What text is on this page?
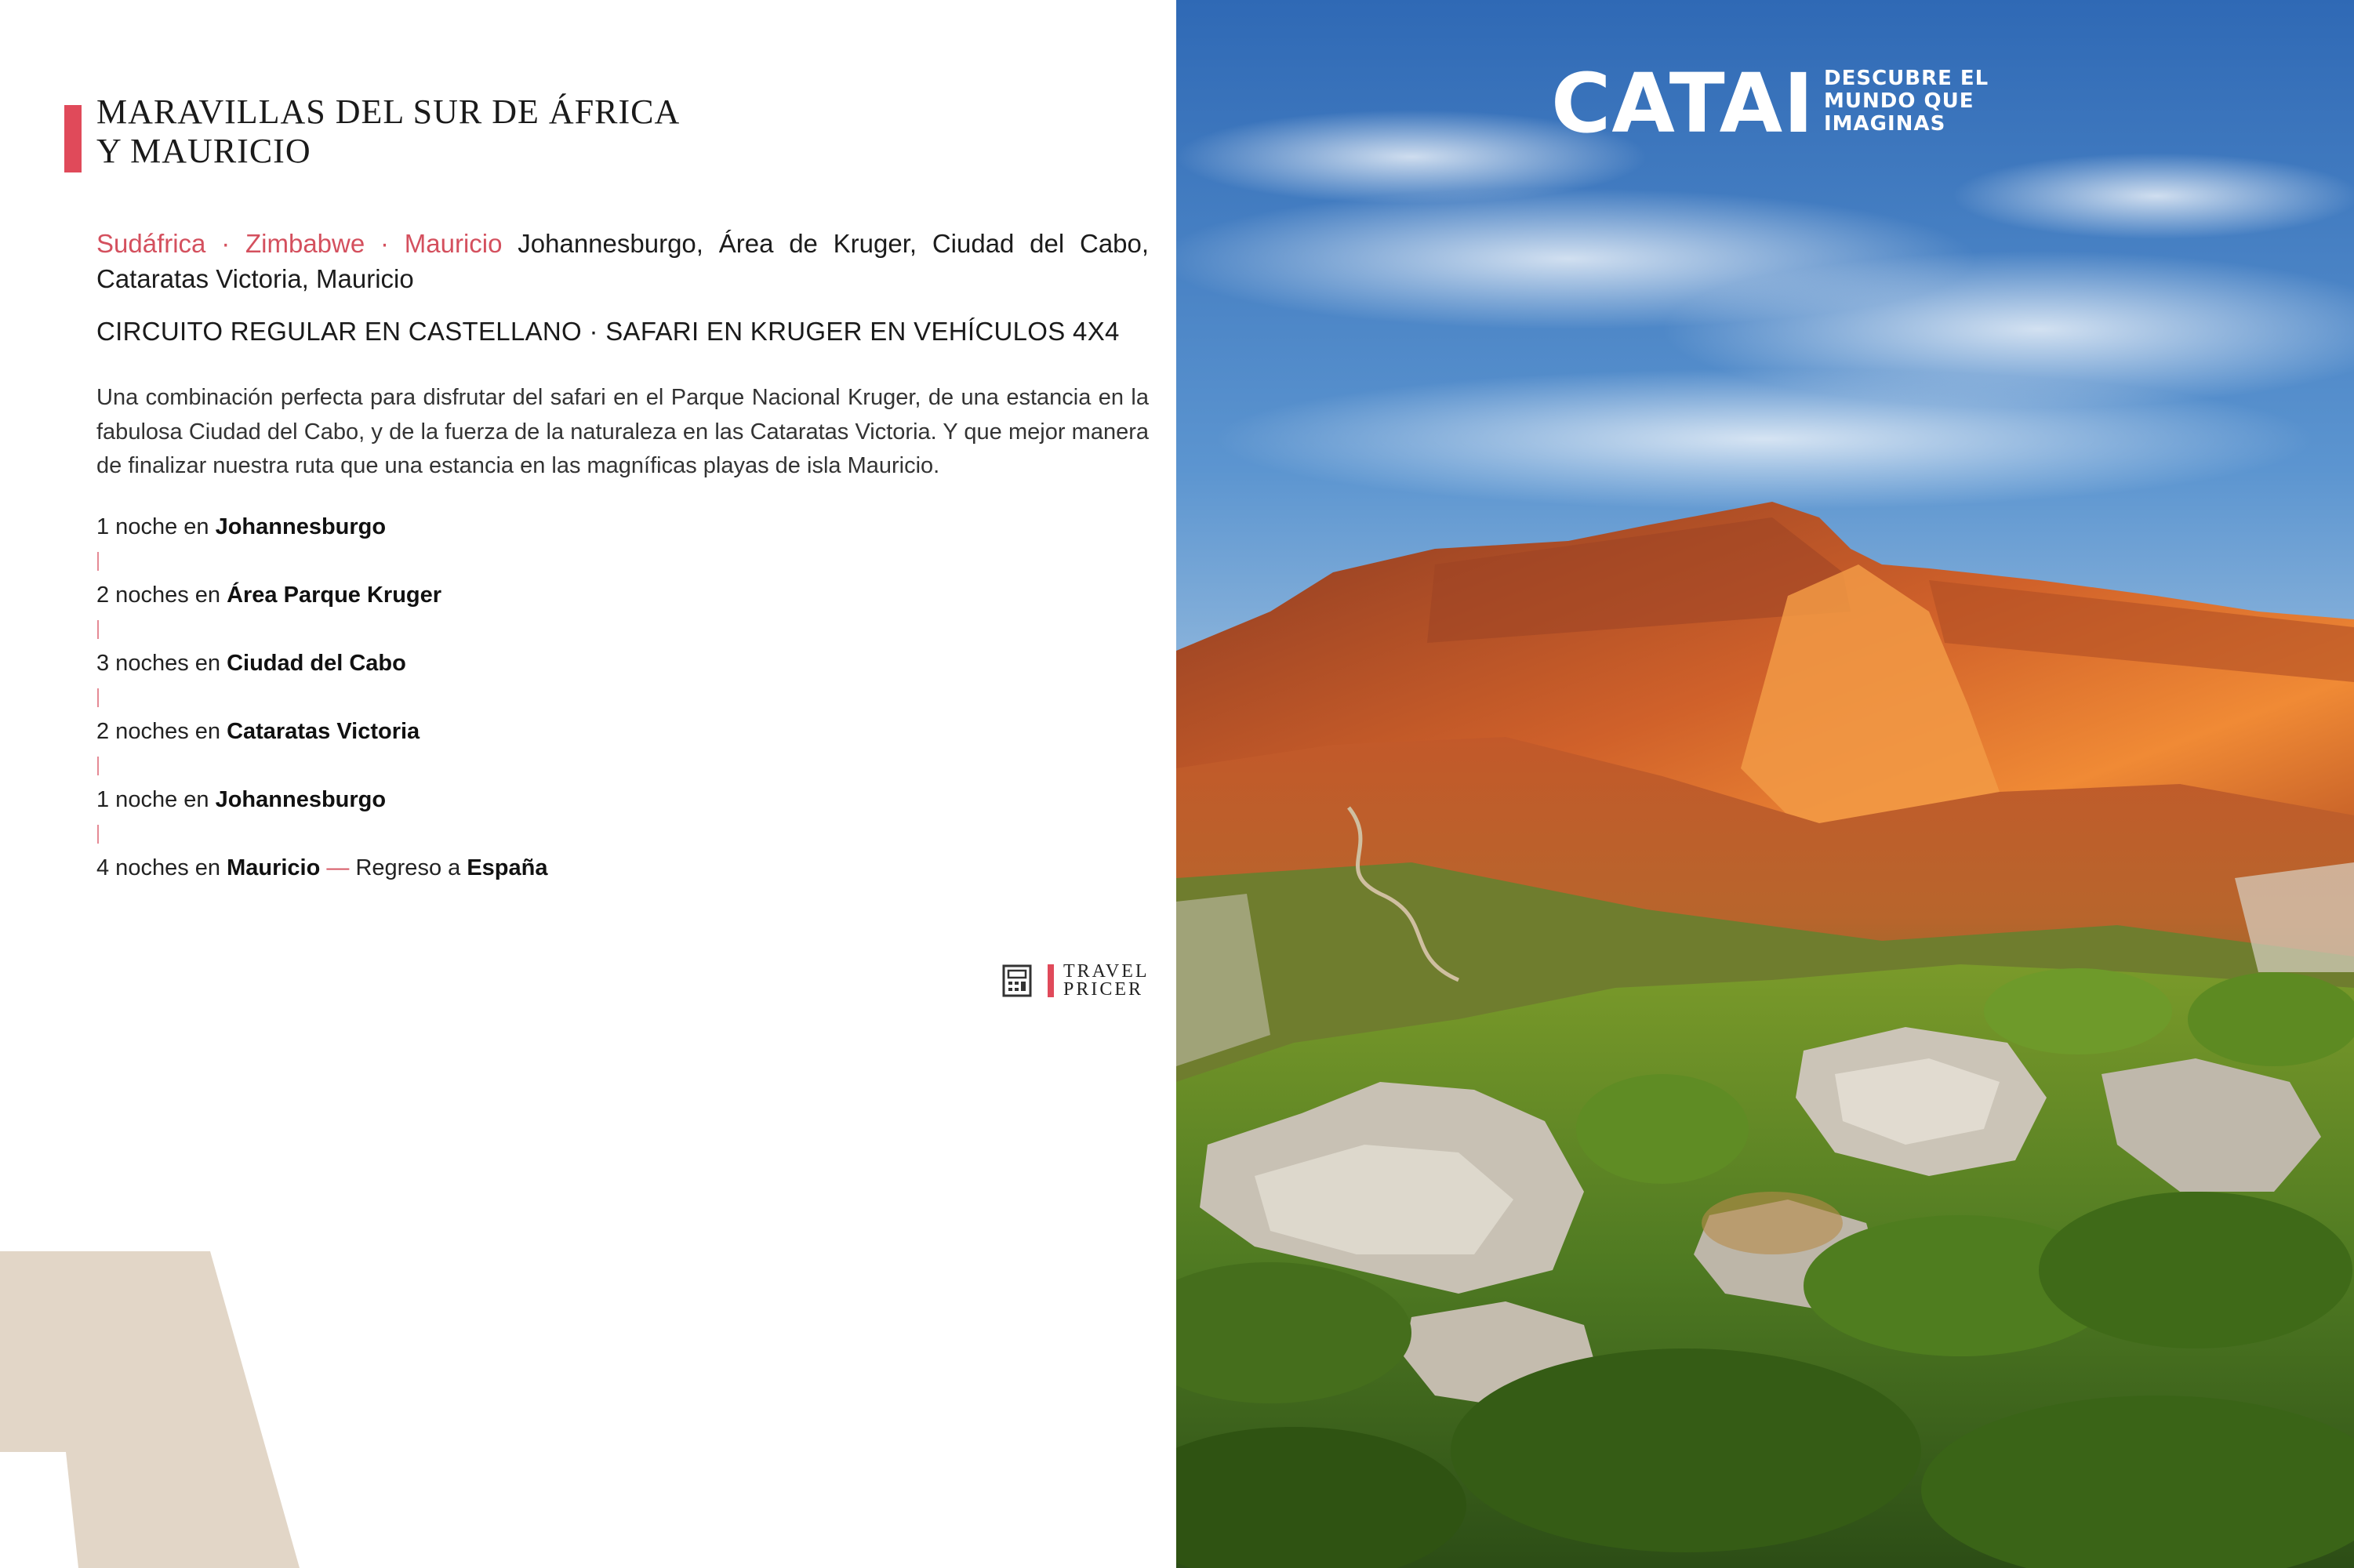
MARAVILLAS DEL SUR DE ÁFRICA
Y MAURICIO
Sudáfrica · Zimbabwe · Mauricio Johannesburgo, Área de Kruger, Ciudad del Cabo, Cataratas Victoria, Mauricio
CIRCUITO REGULAR EN CASTELLANO · SAFARI EN KRUGER EN VEHÍCULOS 4X4

Una combinación perfecta para disfrutar del safari en el Parque Nacional Kruger, de una estancia en la fabulosa Ciudad del Cabo, y de la fuerza de la naturaleza en las Cataratas Victoria. Y que mejor manera de finalizar nuestra ruta que una estancia en las magníficas playas de isla Mauricio.

1 noche en Johannesburgo
2 noches en Área Parque Kruger
3 noches en Ciudad del Cabo
2 noches en Cataratas Victoria
1 noche en Johannesburgo
4 noches en Mauricio — Regreso a España
TRAVEL
PRICER
CATAI DESCUBRE EL
MUNDO QUE
IMAGINAS
